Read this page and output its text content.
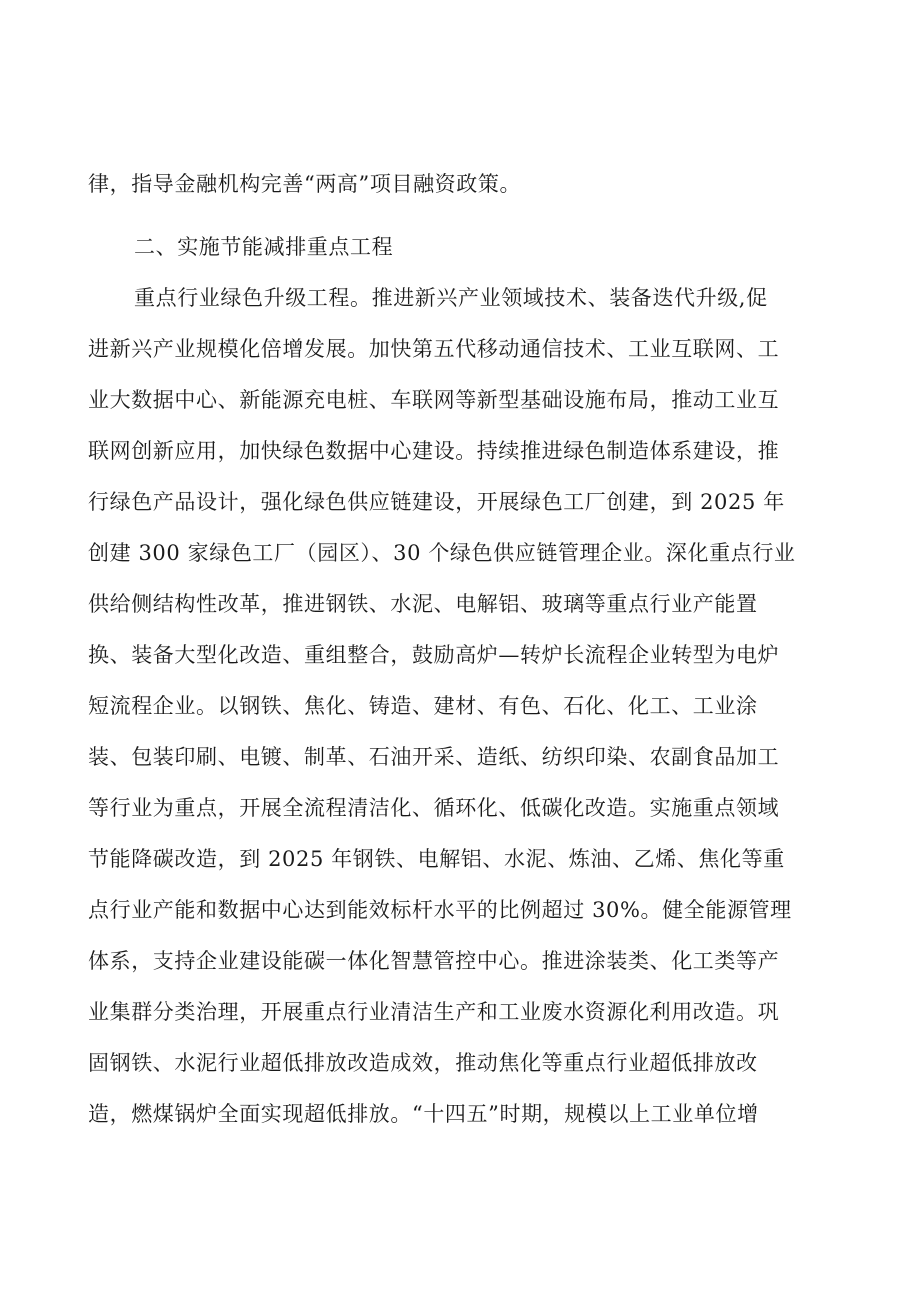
律，指导金融机构完善“两高”项目融资政策。
二、实施节能减排重点工程
重点行业绿色升级工程。推进新兴产业领域技术、装备迭代升级,促
进新兴产业规模化倍增发展。加快第五代移动通信技术、工业互联网、工
业大数据中心、新能源充电桩、车联网等新型基础设施布局，推动工业互
联网创新应用，加快绿色数据中心建设。持续推进绿色制造体系建设，推
行绿色产品设计，强化绿色供应链建设，开展绿色工厂创建，到 2025 年
创建 300 家绿色工厂（园区）、30 个绿色供应链管理企业。深化重点行业
供给侧结构性改革，推进钢铁、水泥、电解铝、玻璃等重点行业产能置
换、装备大型化改造、重组整合，鼓励高炉—转炉长流程企业转型为电炉
短流程企业。以钢铁、焦化、铸造、建材、有色、石化、化工、工业涂
装、包装印刷、电镀、制革、石油开采、造纸、纺织印染、农副食品加工
等行业为重点，开展全流程清洁化、循环化、低碳化改造。实施重点领域
节能降碳改造，到 2025 年钢铁、电解铝、水泥、炼油、乙烯、焦化等重
点行业产能和数据中心达到能效标杆水平的比例超过 30%。健全能源管理
体系，支持企业建设能碳一体化智慧管控中心。推进涂装类、化工类等产
业集群分类治理，开展重点行业清洁生产和工业废水资源化利用改造。巩
固钢铁、水泥行业超低排放改造成效，推动焦化等重点行业超低排放改
造，燃煤锅炉全面实现超低排放。“十四五”时期，规模以上工业单位增
